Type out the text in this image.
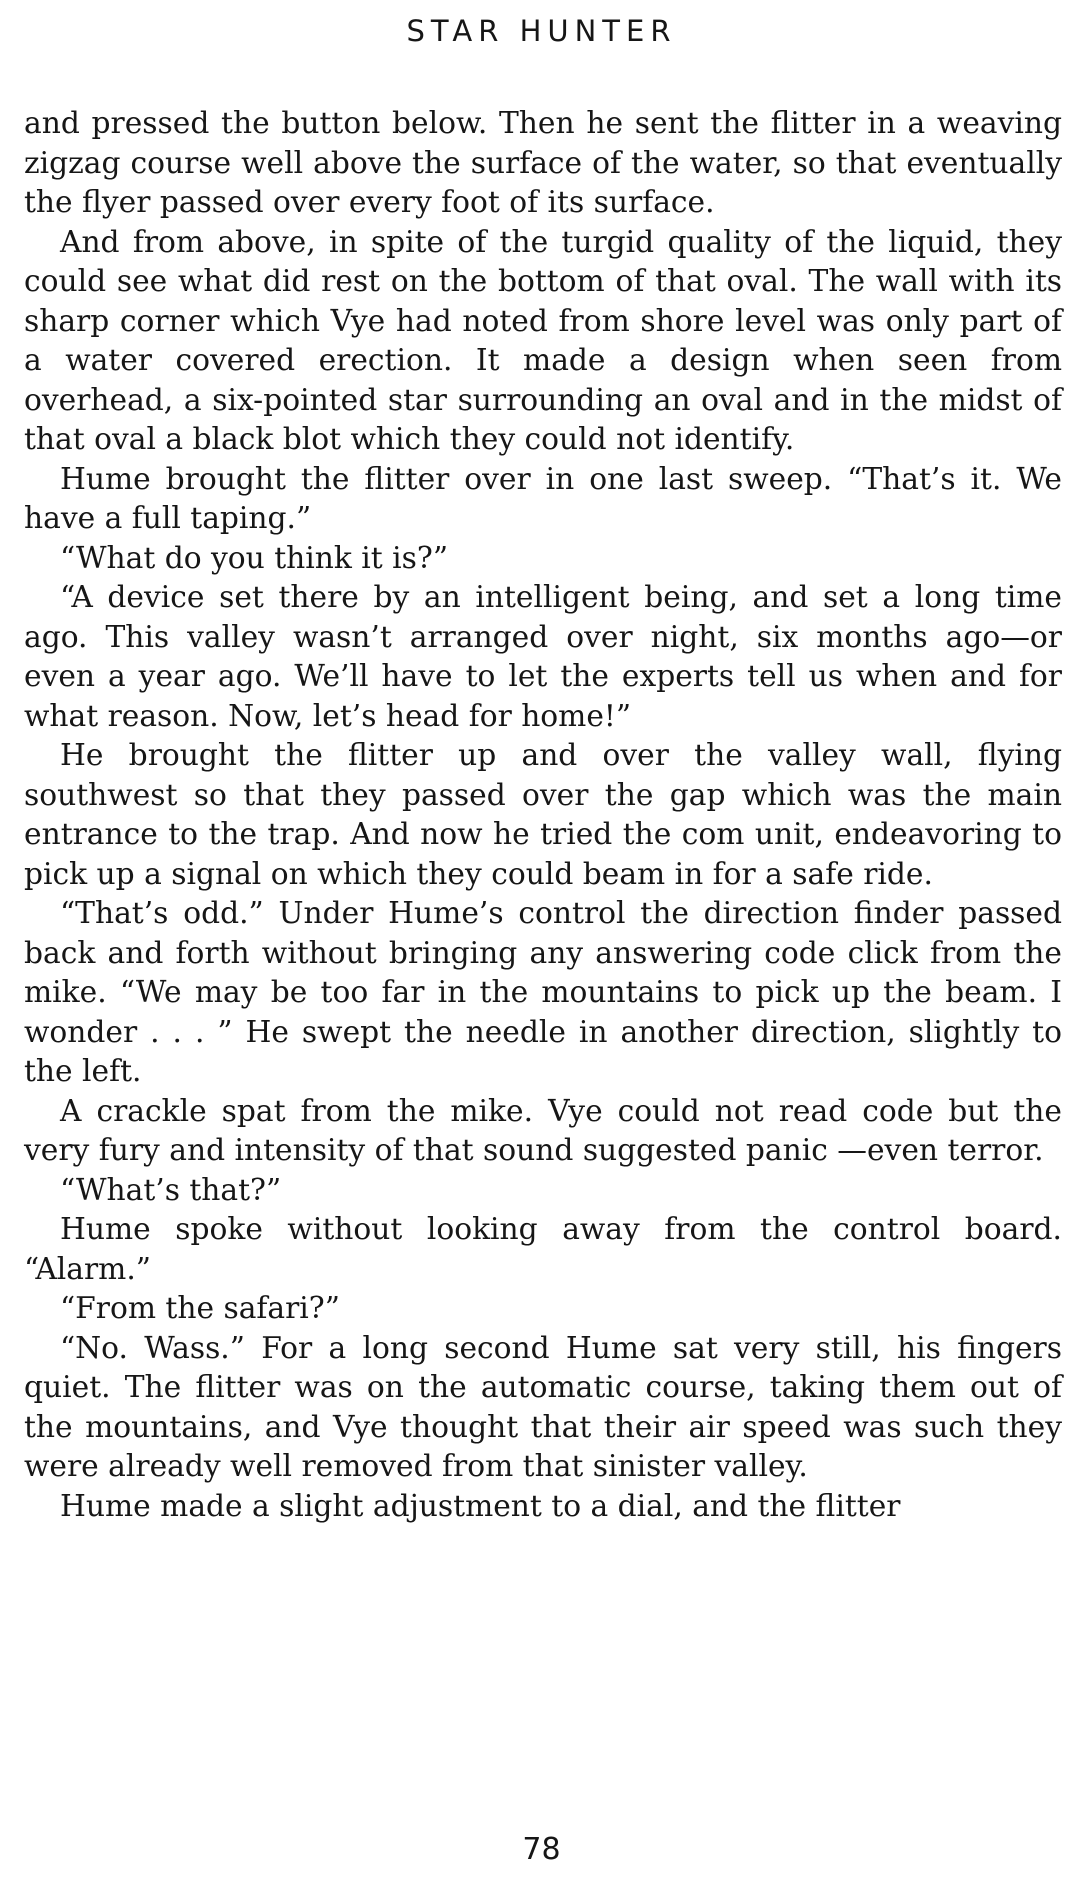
STAR HUNTER

and pressed the button below. Then he sent the flitter in a weaving zigzag course well above the surface of the water, so that eventually the flyer passed over every foot of its surface.

And from above, in spite of the turgid quality of the liquid, they could see what did rest on the bottom of that oval. The wall with its sharp corner which Vye had noted from shore level was only part of a water covered erection. It made a design when seen from overhead, a six-pointed star surrounding an oval and in the midst of that oval a black blot which they could not identify.

Hume brought the flitter over in one last sweep. “That’s it. We have a full taping.”

“What do you think it is?”

“A device set there by an intelligent being, and set a long time ago. This valley wasn’t arranged over night, six months ago—or even a year ago. We’ll have to let the experts tell us when and for what reason. Now, let’s head for home!”

He brought the flitter up and over the valley wall, flying southwest so that they passed over the gap which was the main entrance to the trap. And now he tried the com unit, endeavoring to pick up a signal on which they could beam in for a safe ride.

“That’s odd.” Under Hume’s control the direction finder passed back and forth without bringing any answering code click from the mike. “We may be too far in the mountains to pick up the beam. I wonder . . . ” He swept the needle in another direction, slightly to the left.

A crackle spat from the mike. Vye could not read code but the very fury and intensity of that sound suggested panic —even terror.

“What’s that?”

Hume spoke without looking away from the control board. “Alarm.”

“From the safari?”

“No. Wass.” For a long second Hume sat very still, his fingers quiet. The flitter was on the automatic course, taking them out of the mountains, and Vye thought that their air speed was such they were already well removed from that sinister valley.

Hume made a slight adjustment to a dial, and the flitter

78
